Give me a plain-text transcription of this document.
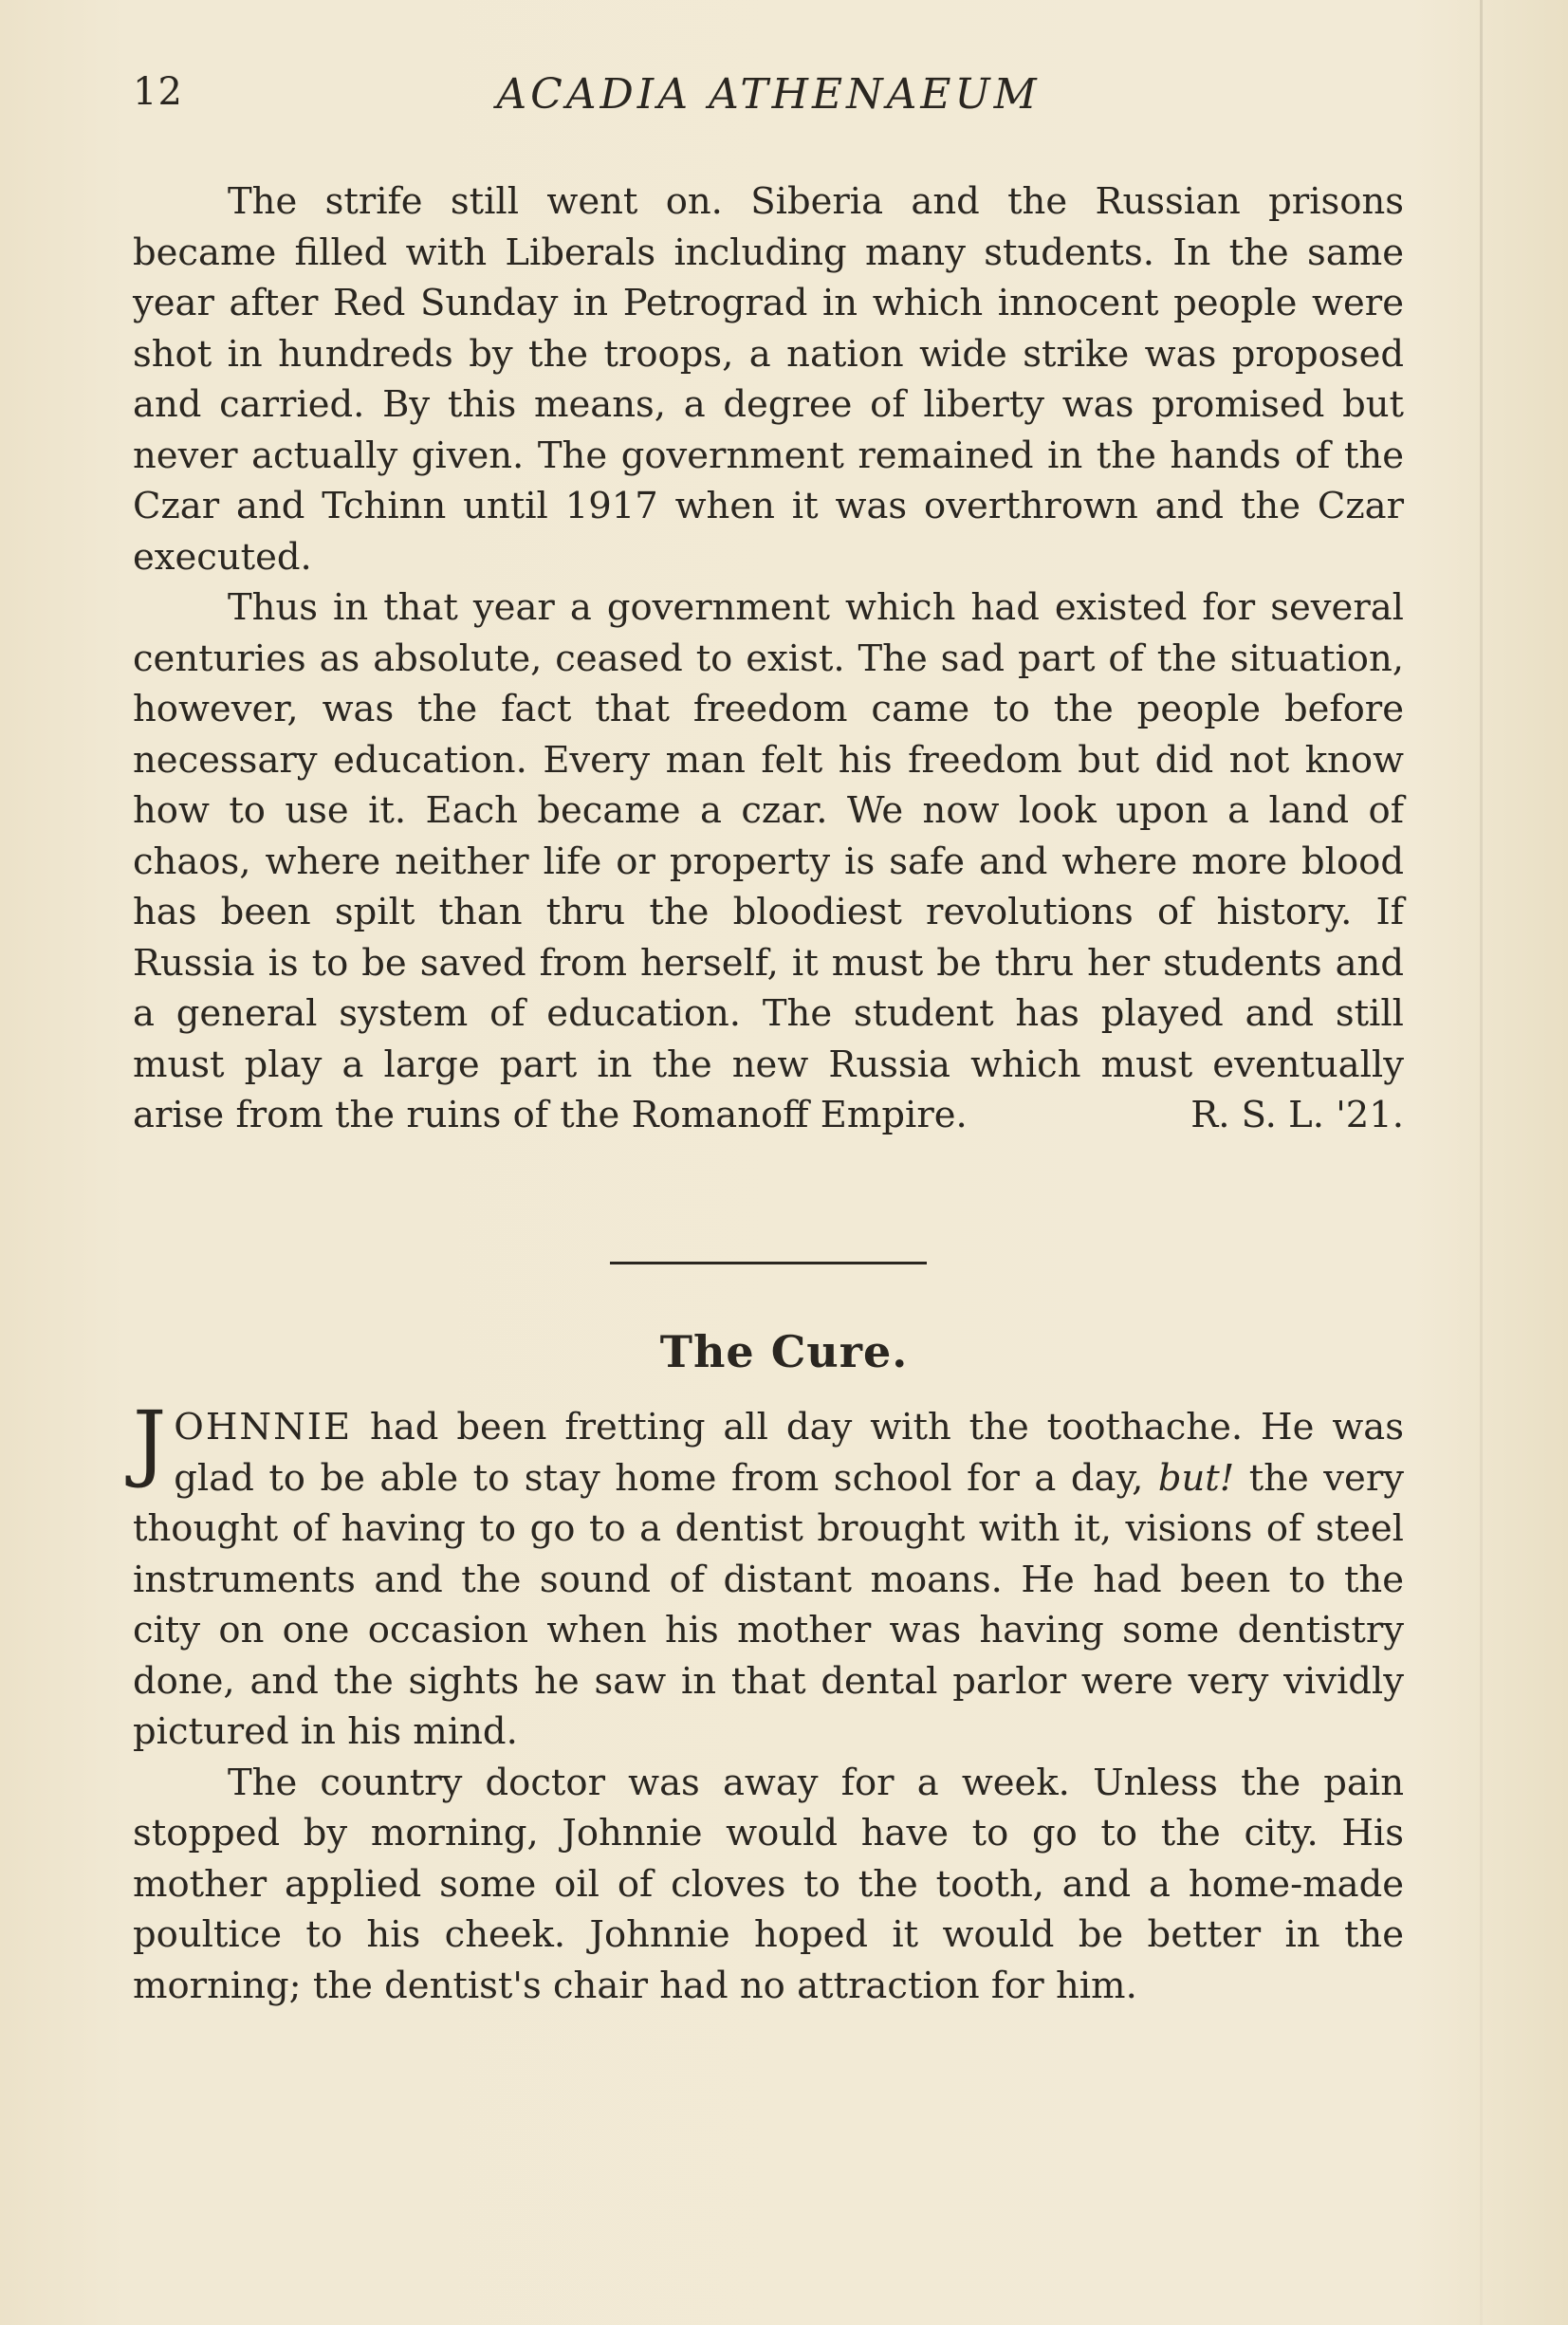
12	ACADIA ATHENAEUM

The strife still went on. Siberia and the Russian prisons became filled with Liberals including many students. In the same year after Red Sunday in Petrograd in which innocent people were shot in hundreds by the troops, a nation wide strike was proposed and carried. By this means, a degree of liberty was promised but never actually given. The government remained in the hands of the Czar and Tchinn until 1917 when it was overthrown and the Czar executed.

Thus in that year a government which had existed for several centuries as absolute, ceased to exist. The sad part of the situation, however, was the fact that freedom came to the people before necessary education. Every man felt his freedom but did not know how to use it. Each became a czar. We now look upon a land of chaos, where neither life or property is safe and where more blood has been spilt than thru the bloodiest revolutions of history. If Russia is to be saved from herself, it must be thru her students and a general system of education. The student has played and still must play a large part in the new Russia which must eventually arise from the ruins of the Romanoff Empire.	R. S. L. '21.

The Cure.

JOHNNIE had been fretting all day with the toothache. He was glad to be able to stay home from school for a day, but! the very thought of having to go to a dentist brought with it, visions of steel instruments and the sound of distant moans. He had been to the city on one occasion when his mother was having some dentistry done, and the sights he saw in that dental parlor were very vividly pictured in his mind.

The country doctor was away for a week. Unless the pain stopped by morning, Johnnie would have to go to the city. His mother applied some oil of cloves to the tooth, and a home-made poultice to his cheek. Johnnie hoped it would be better in the morning; the dentist's chair had no attraction for him.
